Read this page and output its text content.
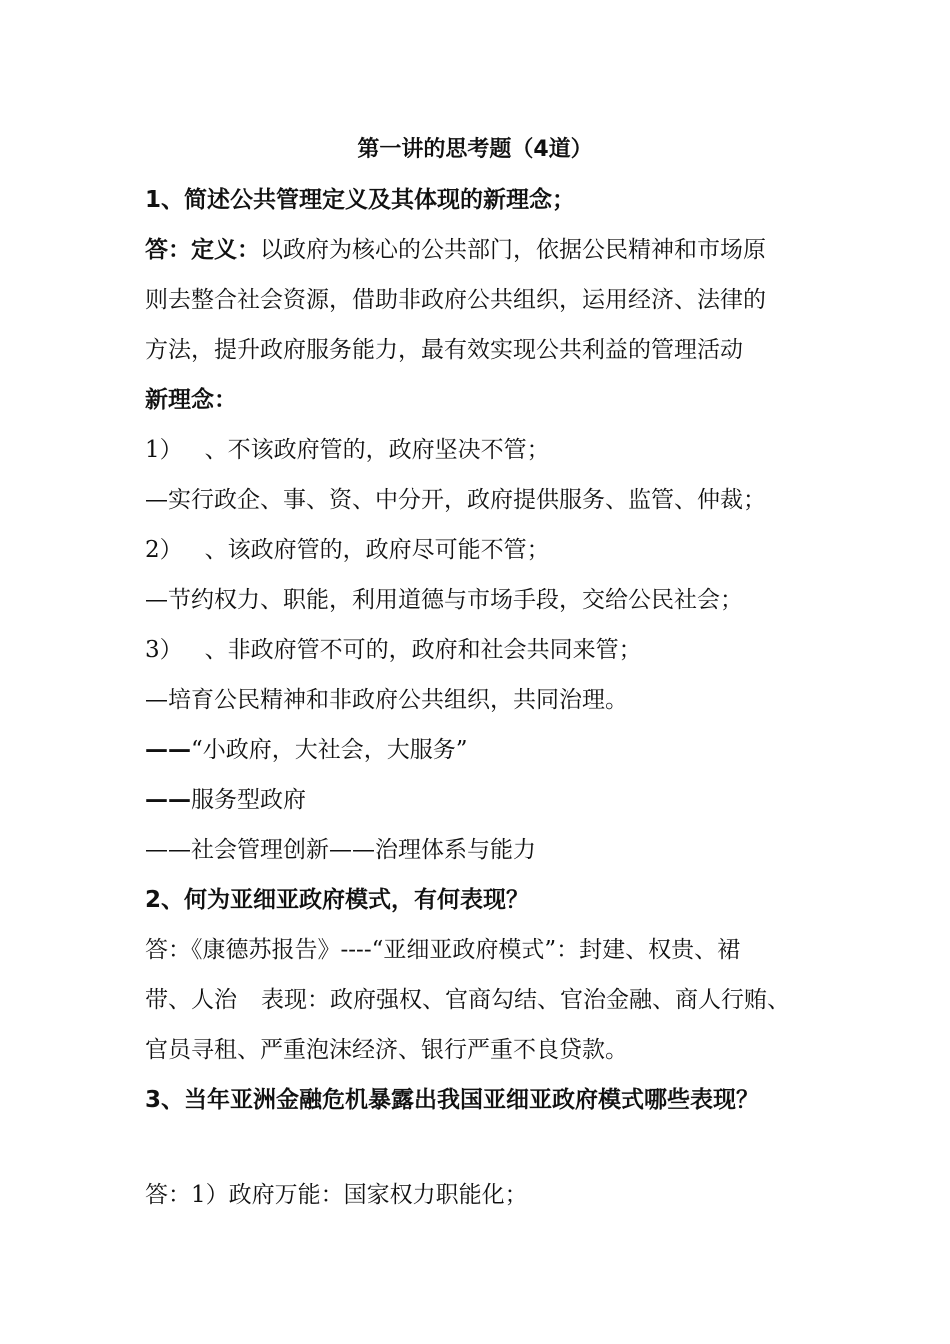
第一讲的思考题（4道）
1、简述公共管理定义及其体现的新理念；
答：定义：以政府为核心的公共部门，依据公民精神和市场原
则去整合社会资源，借助非政府公共组织，运用经济、法律的
方法，提升政府服务能力，最有效实现公共利益的管理活动
新理念：
1） 、不该政府管的，政府坚决不管；
—实行政企、事、资、中分开，政府提供服务、监管、仲裁；
2） 、该政府管的，政府尽可能不管；
—节约权力、职能，利用道德与市场手段，交给公民社会；
3） 、非政府管不可的，政府和社会共同来管；
—培育公民精神和非政府公共组织，共同治理。
——“小政府，大社会，大服务”
——服务型政府
——社会管理创新——治理体系与能力
2、何为亚细亚政府模式，有何表现？
答：《康德苏报告》----“亚细亚政府模式”：封建、权贵、裙
带、人治 表现：政府强权、官商勾结、官治金融、商人行贿、
官员寻租、严重泡沫经济、银行严重不良贷款。
3、当年亚洲金融危机暴露出我国亚细亚政府模式哪些表现？
答：1）政府万能：国家权力职能化；
